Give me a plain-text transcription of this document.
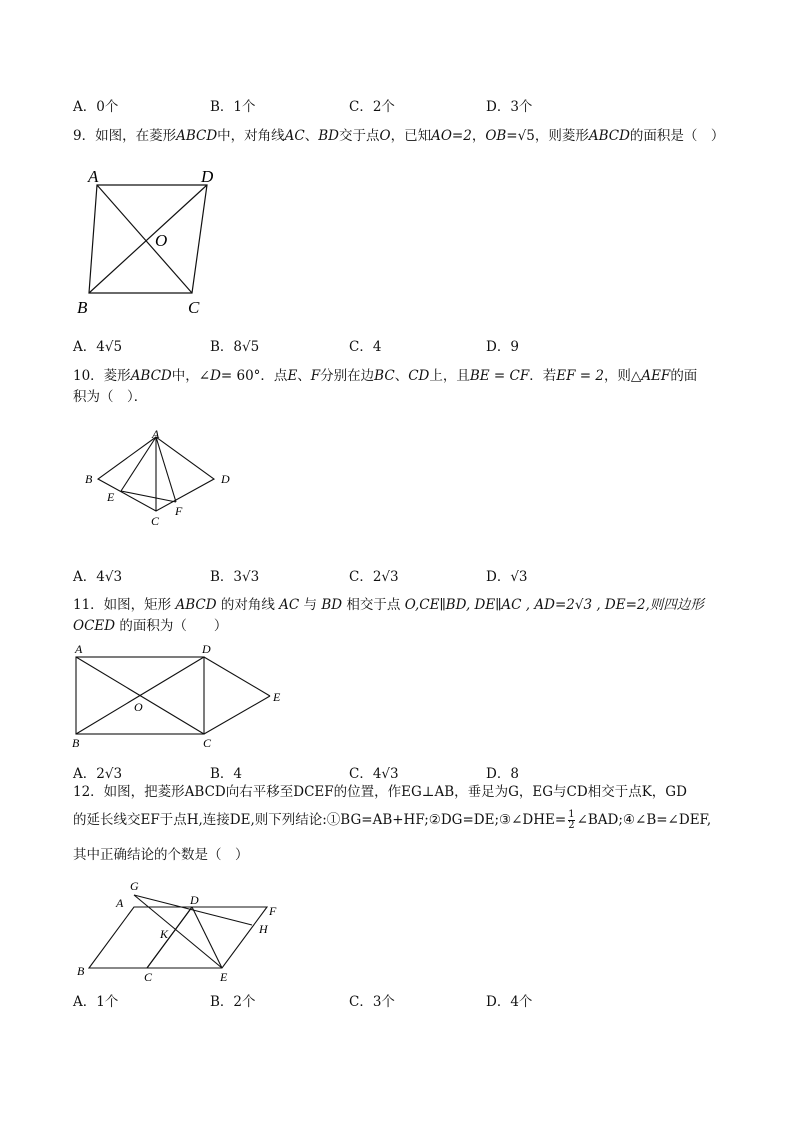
A．0个	B．1个	C．2个	D．3个
9．如图，在菱形ABCD中，对角线AC、BD交于点O，已知AO=2，OB=√5，则菱形ABCD的面积是（　）
A	D
O
B	C
A．4√5	B．8√5	C．4	D．9
10．菱形ABCD中，∠D= 60°．点E、F分别在边BC、CD上，且BE = CF．若EF = 2，则△AEF的面
积为（　）．
A
B	D
E
C
F
A．4√3	B．3√3	C．2√3	D．√3
11．如图，矩形 ABCD 的对角线 AC 与 BD 相交于点 O,CE∥BD, DE∥AC , AD=2√3 , DE=2,则四边形
OCED 的面积为（　　）
A	D
E
O
B	C
A．2√3	B．4	C．4√3	D．8
12．如图，把菱形ABCD向右平移至DCEF的位置，作EG⊥AB，垂足为G，EG与CD相交于点K，GD
的延长线交EF于点H,连接DE,则下列结论:①BG=AB+HF;②DG=DE;③∠DHE= $\frac{1}{2}$ ∠BAD;④∠B=∠DEF,
其中正确结论的个数是（　）
G
A	D
F
H
K
B	C	E
A．1个	B．2个	C．3个	D．4个
